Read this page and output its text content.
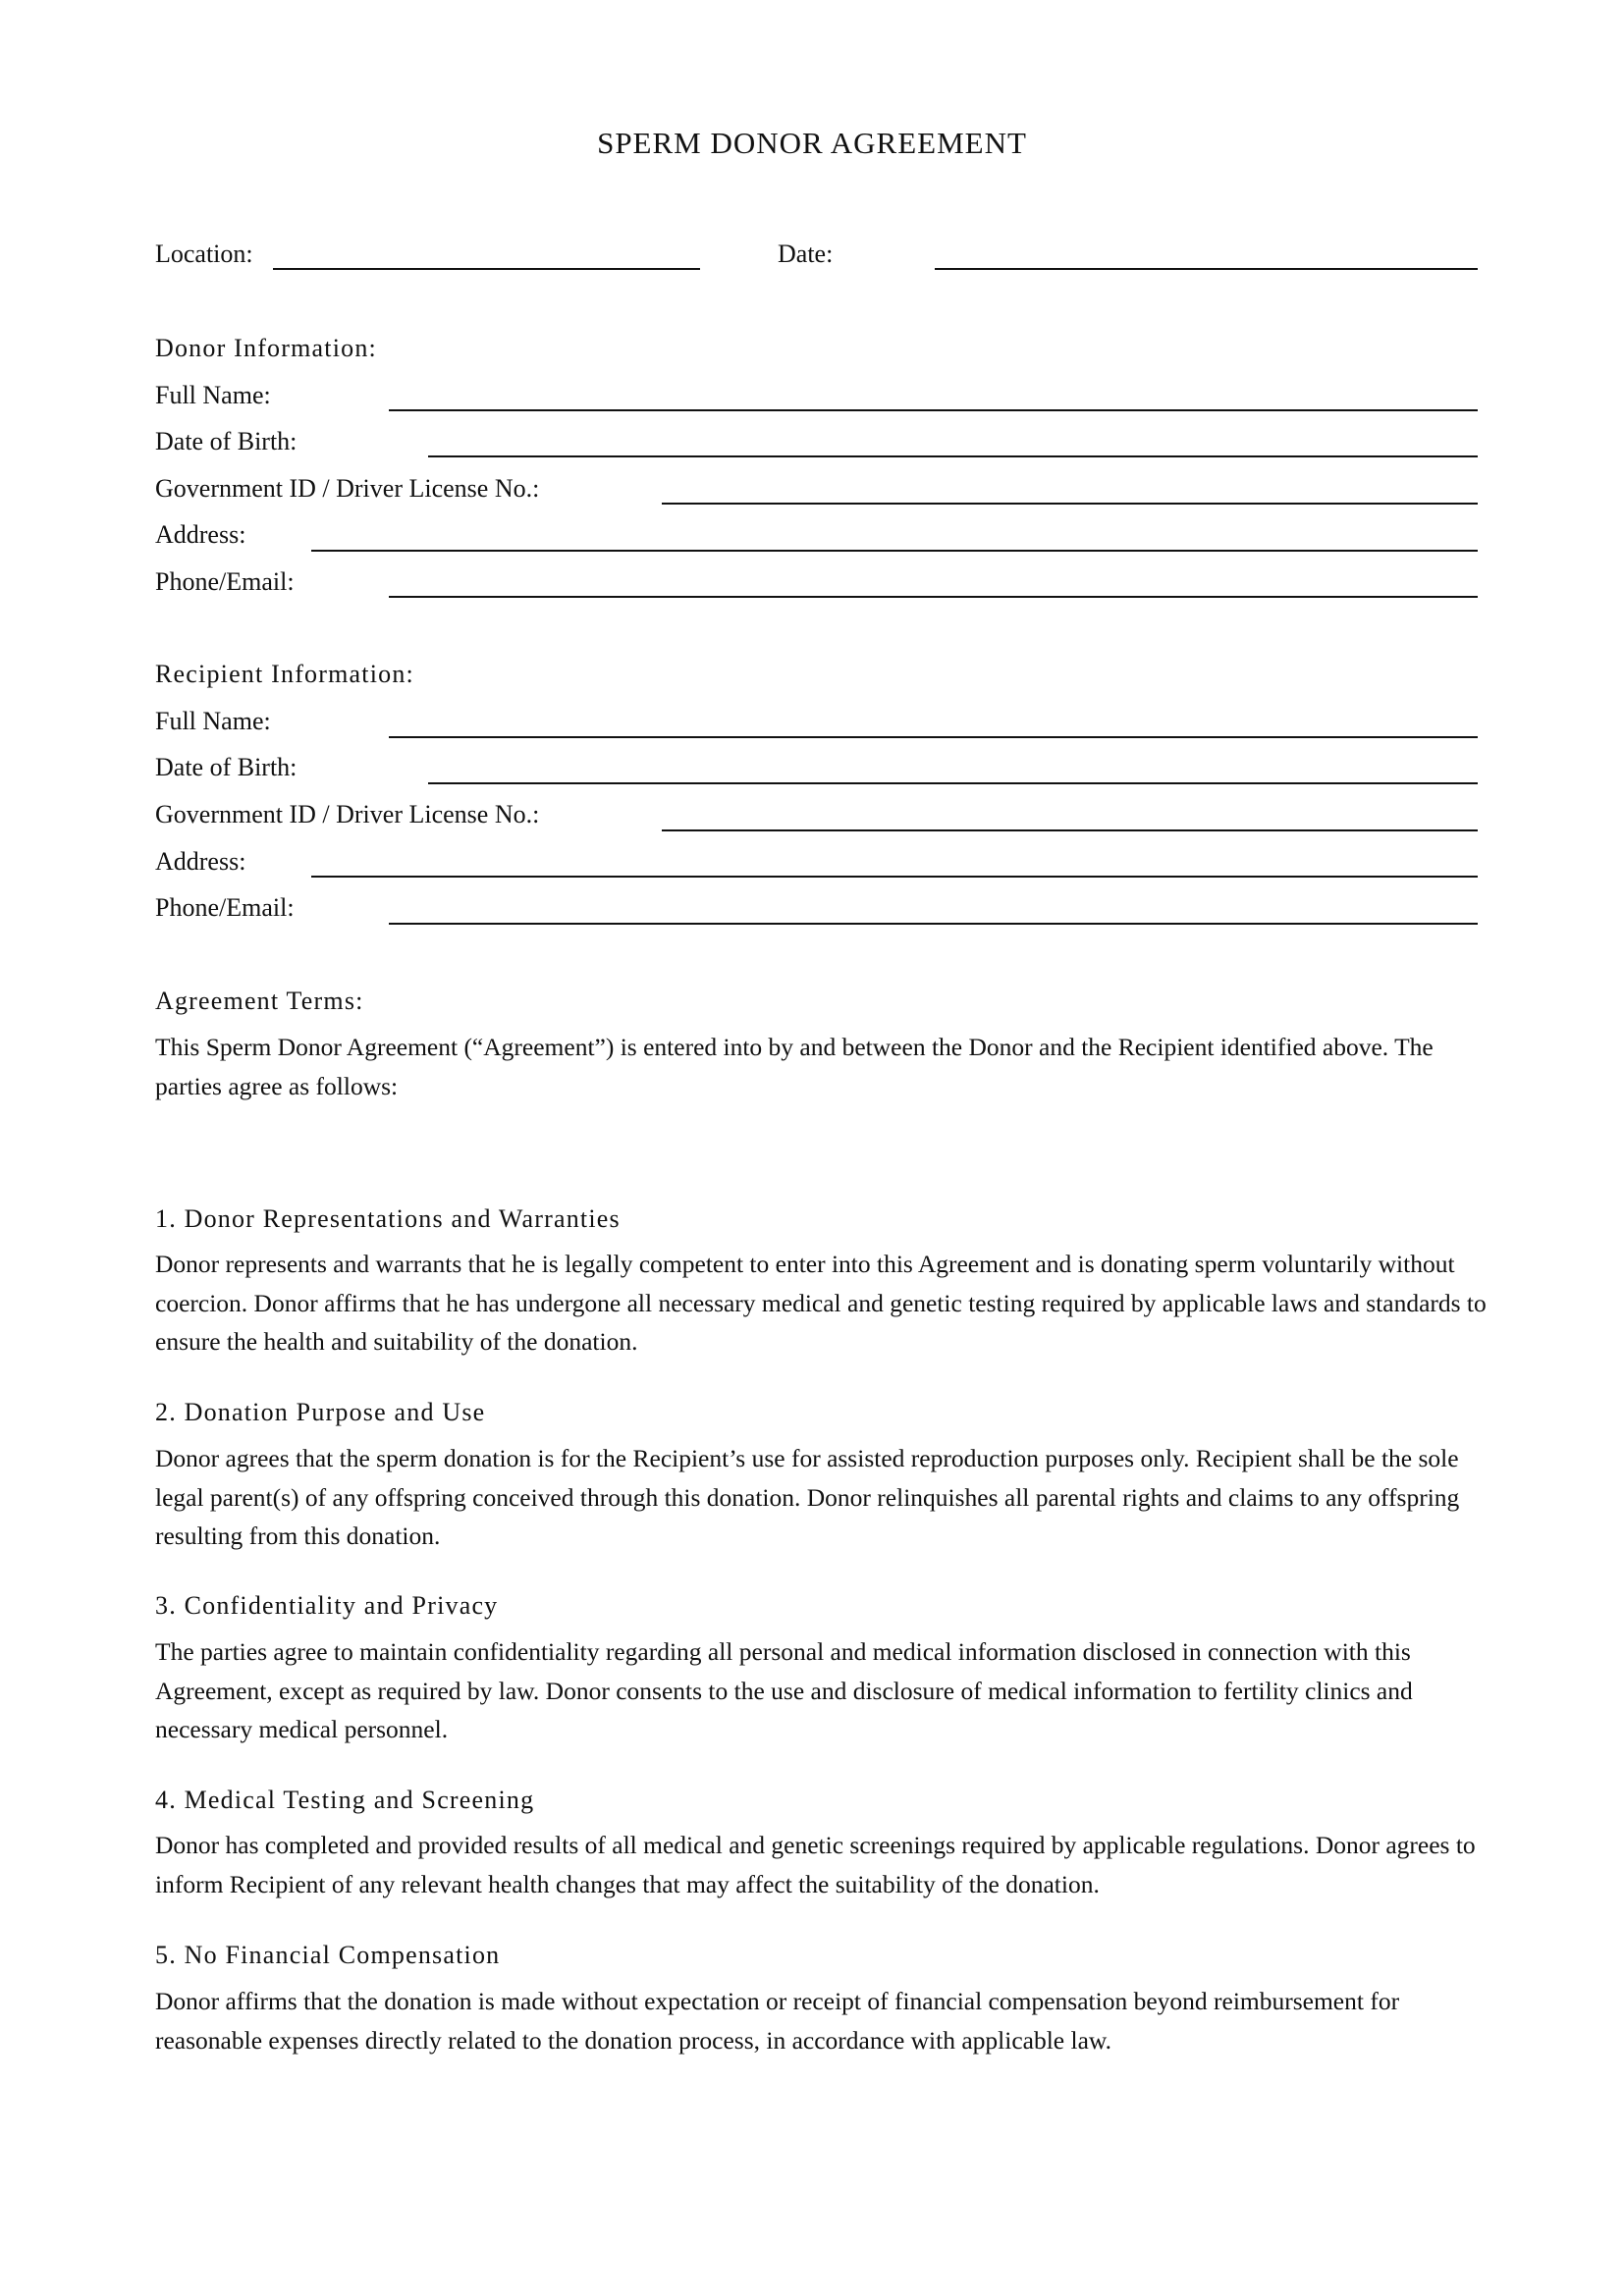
SPERM DONOR AGREEMENT
Location:	Date:
Donor Information:
Full Name:
Date of Birth:
Government ID / Driver License No.:
Address:
Phone/Email:
Recipient Information:
Full Name:
Date of Birth:
Government ID / Driver License No.:
Address:
Phone/Email:
Agreement Terms:
This Sperm Donor Agreement (“Agreement”) is entered into by and between the Donor and the Recipient identified above. The parties agree as follows:
1. Donor Representations and Warranties
Donor represents and warrants that he is legally competent to enter into this Agreement and is donating sperm voluntarily without coercion. Donor affirms that he has undergone all necessary medical and genetic testing required by applicable laws and standards to ensure the health and suitability of the donation.
2. Donation Purpose and Use
Donor agrees that the sperm donation is for the Recipient’s use for assisted reproduction purposes only. Recipient shall be the sole legal parent(s) of any offspring conceived through this donation. Donor relinquishes all parental rights and claims to any offspring resulting from this donation.
3. Confidentiality and Privacy
The parties agree to maintain confidentiality regarding all personal and medical information disclosed in connection with this Agreement, except as required by law. Donor consents to the use and disclosure of medical information to fertility clinics and necessary medical personnel.
4. Medical Testing and Screening
Donor has completed and provided results of all medical and genetic screenings required by applicable regulations. Donor agrees to inform Recipient of any relevant health changes that may affect the suitability of the donation.
5. No Financial Compensation
Donor affirms that the donation is made without expectation or receipt of financial compensation beyond reimbursement for reasonable expenses directly related to the donation process, in accordance with applicable law.
